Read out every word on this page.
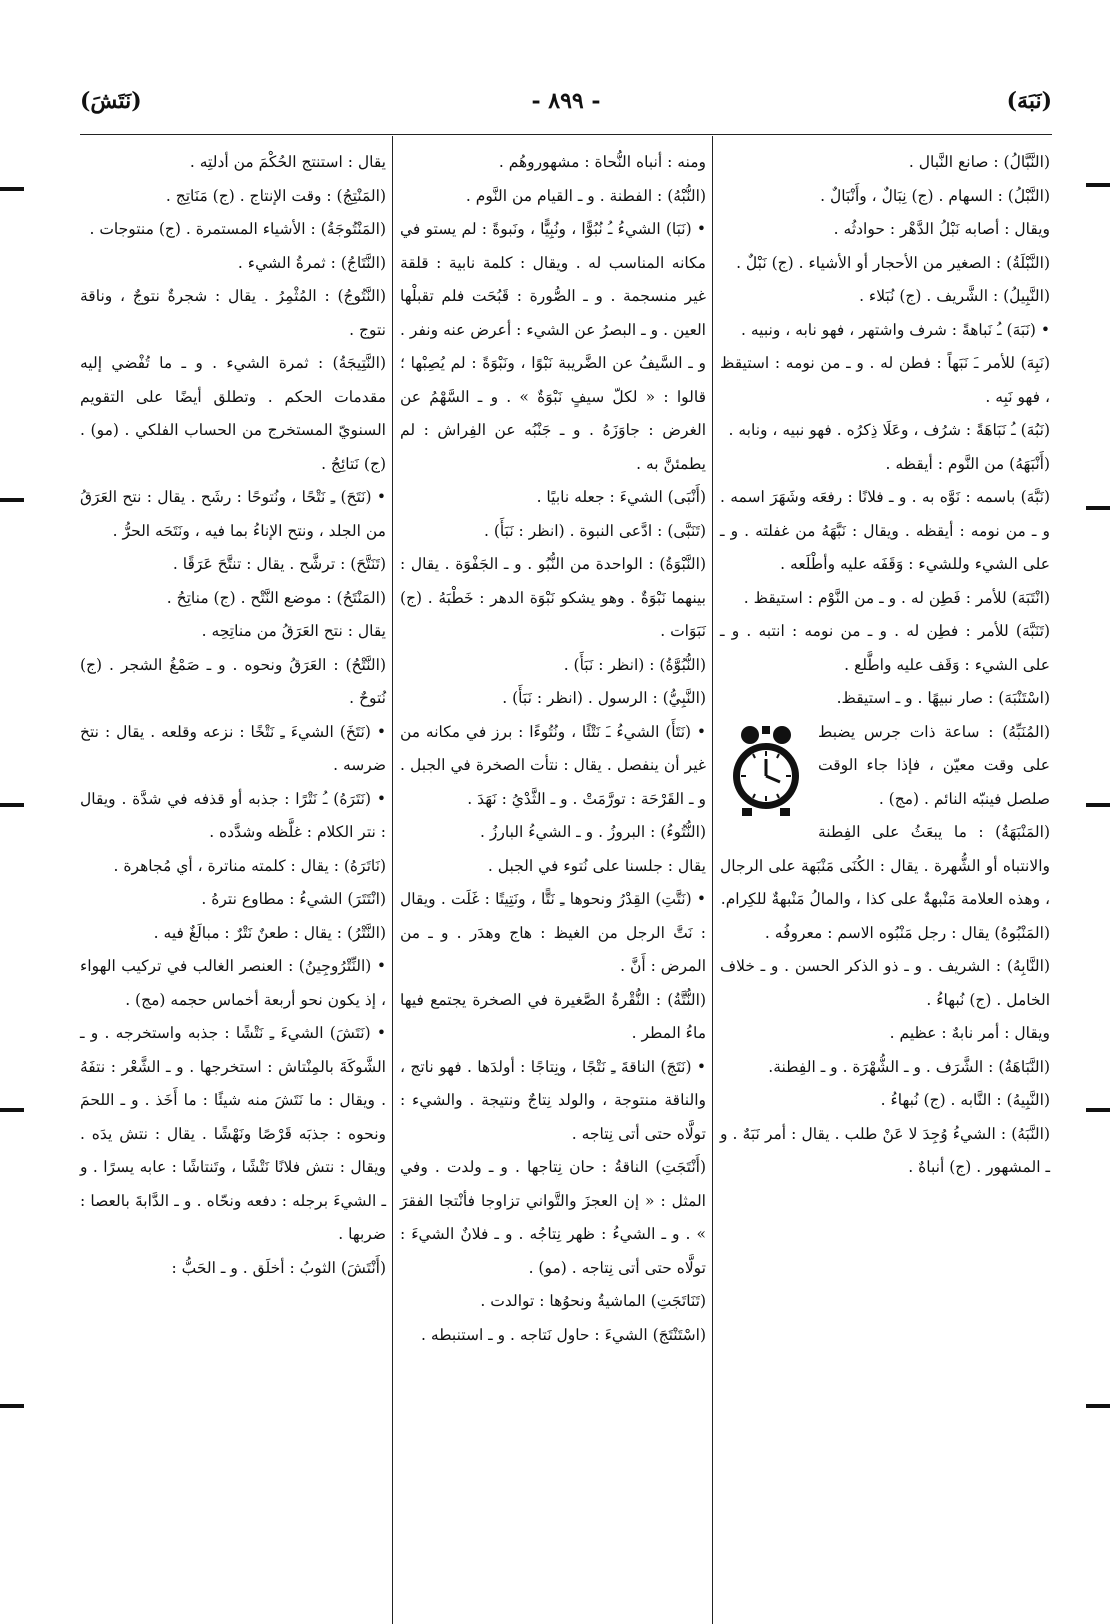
(نَبَهَ)
- ٨٩٩ -
(نَتَشَ)

(النَّبَّالُ) : صانع النَّبال .

(النَّبْلُ) : السهام . (ج) نِبَالٌ ، وأَنْبَالٌ .

ويقال : أصابه نَبْلُ الدَّهْر : حوادثُه .

(النَّبْلَةُ) : الصغير من الأحجار أو الأشياء . (ج) نَبْلٌ .

(النَّبِيلُ) : الشَّريف . (ج) نُبَلاء .

• (نَبَهَ) ـُ نَباهةً : شرف واشتهر ، فهو نابه ، ونبيه .

(نَبِهَ) للأمر ـَ نَبَهاً : فطن له . و ـ من نومه : استيقظ ، فهو نَبِه .

(نَبُهَ) ـُ نَبَاهَةً : شرُف ، وعَلَا ذِكرُه . فهو نبيه ، ونابه .

(أَنْبَهَهُ) من النَّوم : أيقظه .

(نَبَّهَ) باسمه : نَوَّه به . و ـ فلانًا : رفعَه وشَهَرَ اسمه . و ـ من نومه : أيقظه . ويقال : نَبَّهَهُ من غفلته . و ـ على الشيء وللشيء : وَقَفَه عليه وأطْلَعه .

(انْتَبَهَ) للأمر : فَطِن له . و ـ من النَّوْم : استيقظ .

(تَنَبَّهَ) للأمر : فطِن له . و ـ من نومه : انتبه . و ـ على الشيء : وَقَف عليه واطَّلع .

(اسْتَنْبَهَ) : صار نبيهًا . و ـ استيقظ.

(المُنَبِّهُ) : ساعة ذات جرس يضبط على وقت معيّن ، فإذا جاء الوقت صلصل فينبّه النائم . (مج) .

(المَنْبَهَةُ) : ما يبعَثُ على الفِطنة والانتباه أو الشُّهرة . يقال : الكُنَى مَنْبَهة على الرجال ، وهذه العلامة مَنْبهةٌ على كذا ، والمالُ مَنْبهةٌ للكِرام.

(المَنْبُوهُ) يقال : رجل مَنْبُوه الاسم : معروفُه .

(النَّابِهُ) : الشريف . و ـ ذو الذكر الحسن . و ـ خلاف الخامل . (ج) نُبهاءُ .

ويقال : أمر نابهٌ : عظيم .

(النَّبَاهَةُ) : الشَّرَف . و ـ الشُّهْرَة . و ـ الفِطنة.

(النَّبِيهُ) : النَّابه . (ج) نُبهاءُ .

(النَّبَهُ) : الشيءُ وُجِدَ لا عَنْ طلب . يقال : أمر نَبَهٌ . و ـ المشهور . (ج) أنباهٌ .

ومنه : أنباه النُّحاة : مشهوروهُم .

(النُّبْهُ) : الفطنة . و ـ القيام من النَّوم .

• (نَبَا) الشيءُ ـُ نُبُوًّا ، ونُبِيًّا ، ونَبوةً : لم يستو في مكانه المناسب له . ويقال : كلمة نابية : قلقة غير منسجمة . و ـ الصُّورة : قَبُحَت فلم تقبلْها العين . و ـ البصرُ عن الشيء : أعرض عنه ونفر . و ـ السَّيفُ عن الضَّريبة نَبْوًا ، ونَبْوَةً : لم يُصِبْها ؛ قالوا : « لكلّ سيفٍ نَبْوَةٌ » . و ـ السَّهْمُ عن الغرض : جاوَزَهُ . و ـ جَنْبُه عن الفِراش : لم يطمئنَّ به .

(أَنْبَى) الشيءَ : جعله نابيًا .

(تَنَبَّى) : ادَّعى النبوة . (انظر : نَبَأَ) .

(النَّبْوَةُ) : الواحدة من النُّبُو . و ـ الجَفْوَة . يقال : بينهما نَبْوَةٌ . وهو يشكو نَبْوَة الدهر : خَطْبَهُ . (ج) نَبَوَات .

(النُّبُوَّةُ) : (انظر : نَبَأَ) .

(النَّبِيُّ) : الرسول . (انظر : نَبَأَ) .

• (نَتَأَ) الشيءُ ـَ نَتْئًا ، ونُتُوءًا : برز في مكانه من غير أن ينفصل . يقال : نتأت الصخرة في الجبل . و ـ القَرْحَة : تورَّمَتْ . و ـ الثَّدْيُ : نَهَدَ .

(النُّتُوءُ) : البروزُ . و ـ الشيءُ البارزُ .

يقال : جلسنا على نُتوء في الجبل .

• (نَتَّتِ) القِدْرُ ونحوها ـِ نَتًّا ، ونَتِيتًا : غَلَت . ويقال : نَتَّ الرجل من الغيظ : هاج وهدَر . و ـ من المرض : أَنَّ .

(النُّتَّةُ) : النُّقْرةُ الصَّغيرة في الصخرة يجتمع فيها ماءُ المطر .

• (نَتَجَ) الناقةَ ـِ نَتْجًا ، ونِتاجًا : أولدَها . فهو ناتج ، والناقة منتوجة ، والولد نِتاجٌ ونتيجة . والشيء : تولَّاه حتى أتى نِتاجه .

(أَنْتَجَتِ) الناقةُ : حان نِتاجها . و ـ ولدت . وفي المثل : « إن العجزَ والتَّواني تزاوجا فأنْتجا الفقرَ » . و ـ الشيءُ : ظهر نِتاجُه . و ـ فلانٌ الشيءَ : تولَّاه حتى أتى نِتاجه . (مو) .

(تَنَاتَجَتِ) الماشيةُ ونحوُها : توالدت .

(اسْتَنْتَجَ) الشيءَ : حاول نَتاجه . و ـ استنبطه .

يقال : استنتج الحُكْمَ من أدلتِه .

(المَنْتِجُ) : وقت الإنتاج . (ج) مَنَاتِج .

(المَنْتُوجَةُ) : الأشياء المستمرة . (ج) منتوجات .

(النَّتَاجُ) : ثمرةُ الشيء .

(النَّتُوجُ) : المُثْمِرُ . يقال : شجرةٌ نتوجٌ ، وناقة نتوج .

(النَّتِيجَةُ) : ثمرة الشيء . و ـ ما تُفْضي إليه مقدمات الحكم . وتطلق أيضًا على التقويم السنويّ المستخرج من الحساب الفلكي . (مو) . (ج) نَتائِجُ .

• (نَتَحَ) ـِ نَتْحًا ، ونُتوحًا : رشَح . يقال : نتح العَرَقُ من الجلد ، ونتح الإناءُ بما فيه ، ونَتَحَه الحرُّ .

(تَنَتَّحَ) : ترشَّح . يقال : تنتَّحَ عَرَقًا .

(المَنْتَحُ) : موضع النَّتْح . (ج) مناتِحُ .

يقال : نتح العَرَقُ من مناتِحِه .

(النَّتْحُ) : العَرَقُ ونحوه . و ـ صَمْغُ الشجر . (ج) نُتوحٌ .

• (نَتَخَ) الشيءَ ـِ نَتْخًا : نزعه وقلعه . يقال : نتخ ضرسه .

• (نَتَرَهُ) ـُ نَتْرًا : جذبه أو قذفه في شدَّة . ويقال : نتر الكلام : غلَّظه وشدَّده .

(نَاتَرَهُ) : يقال : كلمته مناترة ، أي مُجاهرة .

(انْتَتَرَ) الشيءُ : مطاوع نترهُ .

(النَّتْرُ) : يقال : طعنٌ نَتْرٌ : مبالَغٌ فيه .

• (النِّتْرُوجِينُ) : العنصر الغالب في تركيب الهواء ، إذ يكون نحو أربعة أخماس حجمه (مج) .

• (نَتَشَ) الشيءَ ـِ نَتْشًا : جذبه واستخرجه . و ـ الشَّوكَةَ بالمِنْتاش : استخرجها . و ـ الشَّعْر : نتفَهُ . ويقال : ما نَتَشَ منه شيئًا : ما أَخَذ . و ـ اللحمَ ونحوه : جذبَه قَرْصًا ونَهْشًا . يقال : نتش يدَه . ويقال : نتش فلانًا نَتْشًا ، وتَنتاشًا : عابه يسرًا . و ـ الشيءَ برجله : دفعه ونحّاه . و ـ الدَّابةَ بالعصا : ضربها .

(أَنْتَشَ) الثوبُ : أخلَق . و ـ الحَبُّ :
